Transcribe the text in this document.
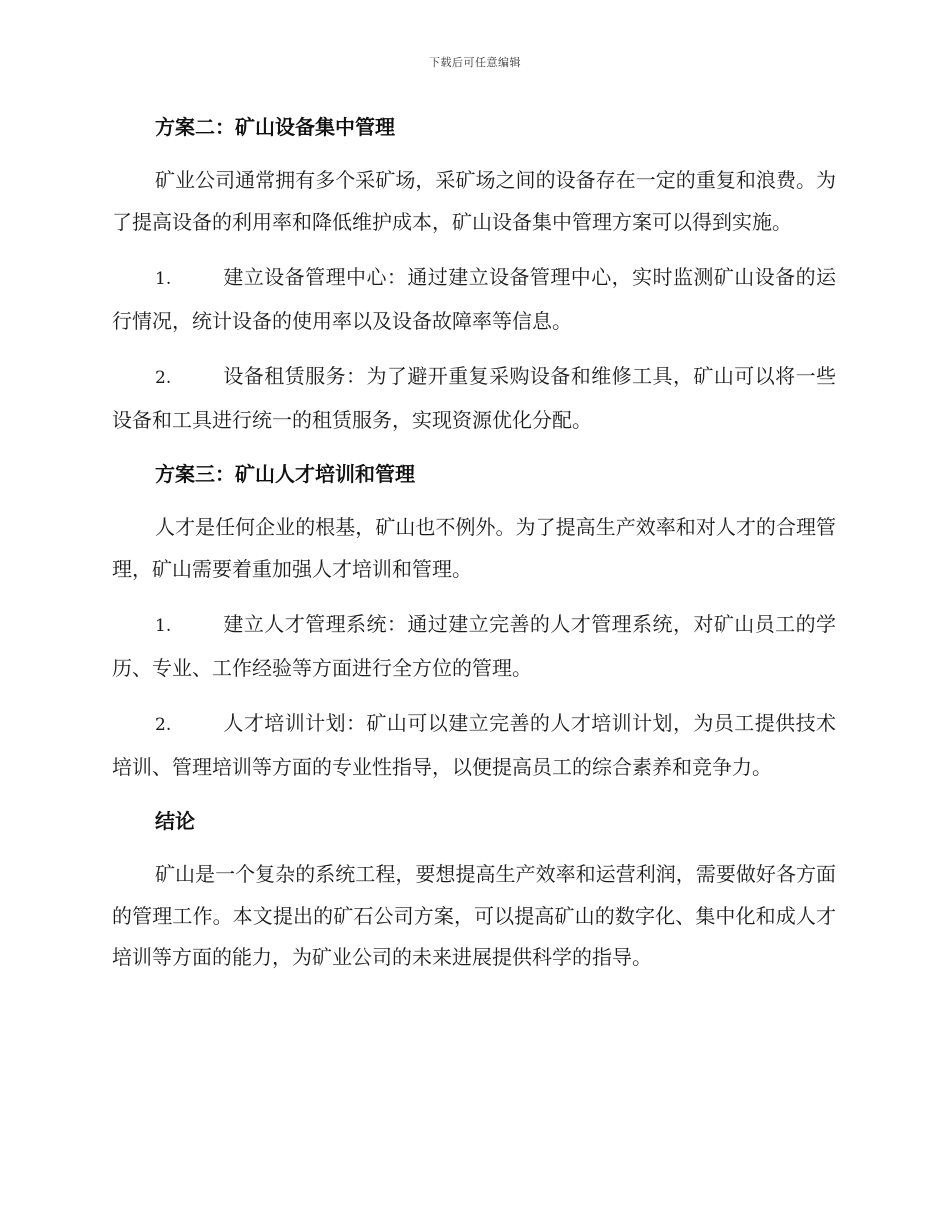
下载后可任意编辑
方案二：矿山设备集中管理

矿业公司通常拥有多个采矿场，采矿场之间的设备存在一定的重复和浪费。为了提高设备的利用率和降低维护成本，矿山设备集中管理方案可以得到实施。

1.	建立设备管理中心：通过建立设备管理中心，实时监测矿山设备的运行情况，统计设备的使用率以及设备故障率等信息。

2.	设备租赁服务：为了避开重复采购设备和维修工具，矿山可以将一些设备和工具进行统一的租赁服务，实现资源优化分配。

方案三：矿山人才培训和管理

人才是任何企业的根基，矿山也不例外。为了提高生产效率和对人才的合理管理，矿山需要着重加强人才培训和管理。

1.	建立人才管理系统：通过建立完善的人才管理系统，对矿山员工的学历、专业、工作经验等方面进行全方位的管理。

2.	人才培训计划：矿山可以建立完善的人才培训计划，为员工提供技术培训、管理培训等方面的专业性指导，以便提高员工的综合素养和竞争力。

结论

矿山是一个复杂的系统工程，要想提高生产效率和运营利润，需要做好各方面的管理工作。本文提出的矿石公司方案，可以提高矿山的数字化、集中化和成人才培训等方面的能力，为矿业公司的未来进展提供科学的指导。
